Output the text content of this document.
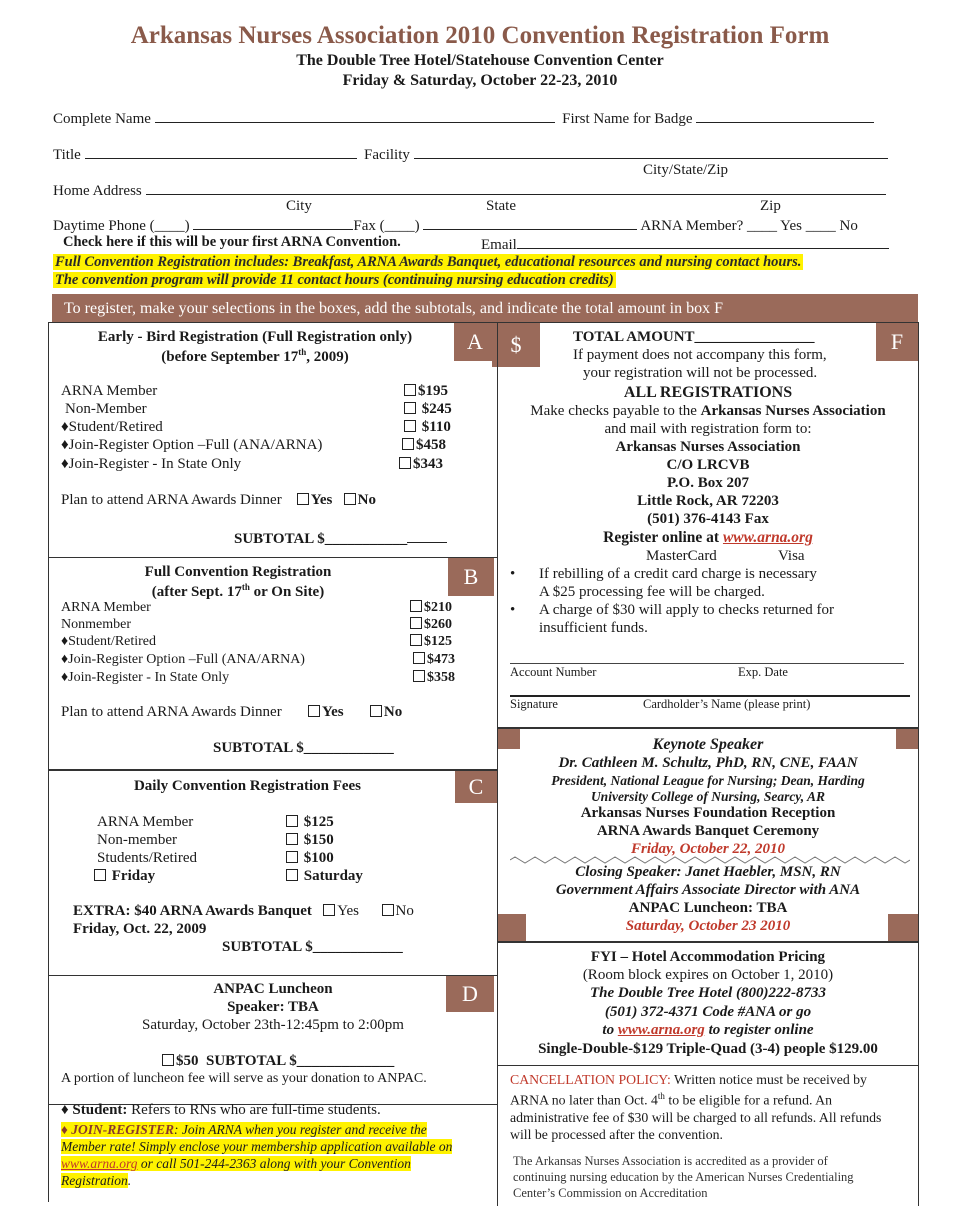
Arkansas Nurses Association 2010 Convention Registration Form
The Double Tree Hotel/Statehouse Convention Center
Friday & Saturday, October 22-23, 2010
Complete Name	First Name for Badge
Title	Facility
City/State/Zip
Home Address
City	State	Zip
Daytime Phone (____)	Fax (____)	ARNA Member? ____ Yes ____ No
Check here if this will be your first ARNA Convention.	Email
Full Convention Registration includes: Breakfast, ARNA Awards Banquet, educational resources and nursing contact hours.
The convention program will provide 11 contact hours (continuing nursing education credits)
To register, make your selections in the boxes, add the subtotals, and indicate the total amount in box F
A	$
Early - Bird Registration (Full Registration only)
(before September 17th, 2009)
ARNA Member	$195
Non-Member	$245
♦Student/Retired	$110
♦Join-Register Option –Full (ANA/ARNA)	$458
♦Join-Register - In State Only	$343
Plan to attend ARNA Awards Dinner Yes No
SUBTOTAL $___________
B
Full Convention Registration
(after Sept. 17th or On Site)
ARNA Member	$210
Nonmember	$260
♦Student/Retired	$125
♦Join-Register Option –Full (ANA/ARNA)	$473
♦Join-Register - In State Only	$358
Plan to attend ARNA Awards Dinner	Yes	No
SUBTOTAL $____________
C
Daily Convention Registration Fees
ARNA Member	$125
Non-member	$150
Students/Retired	$100
Friday	Saturday
EXTRA: $40 ARNA Awards Banquet Yes No
Friday, Oct. 22, 2009
SUBTOTAL $____________
D
ANPAC Luncheon
Speaker: TBA
Saturday, October 23th-12:45pm to 2:00pm
$50 SUBTOTAL $_____________
A portion of luncheon fee will serve as your donation to ANPAC.
♦ Student: Refers to RNs who are full-time students.
♦ JOIN-REGISTER: Join ARNA when you register and receive the
Member rate! Simply enclose your membership application available on
www.arna.org or call 501-244-2363 along with your Convention
Registration.
F
TOTAL AMOUNT________________
If payment does not accompany this form,
your registration will not be processed.
ALL REGISTRATIONS
Make checks payable to the Arkansas Nurses Association
and mail with registration form to:
Arkansas Nurses Association
C/O LRCVB
P.O. Box 207
Little Rock, AR 72203
(501) 376-4143 Fax
Register online at www.arna.org
MasterCard	Visa
• If rebilling of a credit card charge is necessary
A $25 processing fee will be charged.
• A charge of $30 will apply to checks returned for
insufficient funds.
Account Number	Exp. Date
Signature	Cardholder’s Name (please print)
Keynote Speaker
Dr. Cathleen M. Schultz, PhD, RN, CNE, FAAN
President, National League for Nursing; Dean, Harding
University College of Nursing, Searcy, AR
Arkansas Nurses Foundation Reception
ARNA Awards Banquet Ceremony
Friday, October 22, 2010
Closing Speaker: Janet Haebler, MSN, RN
Government Affairs Associate Director with ANA
ANPAC Luncheon: TBA
Saturday, October 23 2010
FYI – Hotel Accommodation Pricing
(Room block expires on October 1, 2010)
The Double Tree Hotel (800)222-8733
(501) 372-4371 Code #ANA or go
to www.arna.org to register online
Single-Double-$129 Triple-Quad (3-4) people $129.00
CANCELLATION POLICY: Written notice must be received by
ARNA no later than Oct. 4th to be eligible for a refund. An
administrative fee of $30 will be charged to all refunds. All refunds
will be processed after the convention.
The Arkansas Nurses Association is accredited as a provider of
continuing nursing education by the American Nurses Credentialing
Center’s Commission on Accreditation
